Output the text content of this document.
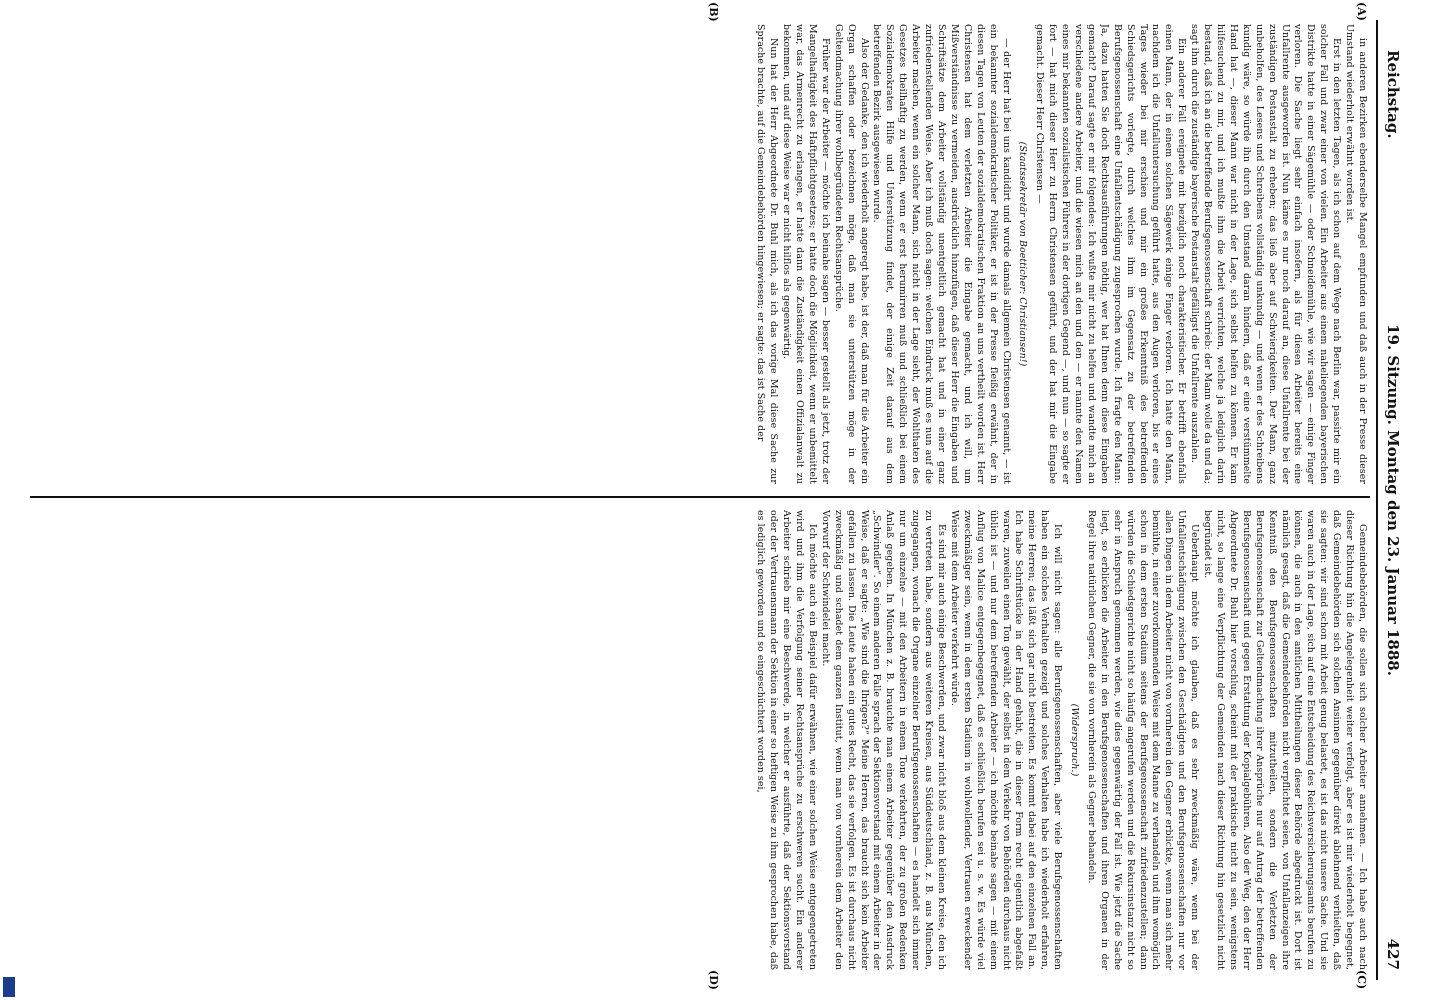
Reichstag.
19. Sitzung. Montag den 23. Januar 1888.
427
(A)
(B)
(C)
(D)

in anderen Bezirken ebenderselbe Mangel empfunden und daß auch in der Presse dieser Umstand wiederholt erwähnt worden ist.

Erst in den letzten Tagen, als ich schon auf dem Wege nach Berlin war, passirte mir ein solcher Fall und zwar einer von vielen. Ein Arbeiter aus einem naheliegenden bayerischen Distrikte hatte in einer Sägemühle — oder Schneidemühle, wie wir sagen — einige Finger verloren. Die Sache liegt sehr einfach insofern, als für diesen Arbeiter bereits eine Unfallrente ausgeworfen ist. Nun käme es nur noch darauf an, diese Unfallrente bei der zuständigen Postanstalt zu erheben; das ließ aber auf Schwierigkeiten. Der Mann, ganz unbeholfen, des Lesens und Schreibens vollständig unkundig — und wenn er des Schreibens kundig wäre, so würde ihn durch den Umstand daran hindern, daß er eine verstümmelte Hand hat —, dieser Mann war nicht in der Lage, sich selbst helfen zu können. Er kam hilfesuchend zu mir, und ich mußte ihm die Arbeit verrichten, welche ja lediglich darin bestand, daß ich an die betreffende Berufsgenossenschaft schrieb: der Mann wolle da und da; sagt ihm durch die zuständige bayerische Postanstalt gefälligst die Unfallrente auszahlen.

Ein anderer Fall ereignete mit bezüglich noch charakteristischer. Er betrifft ebenfalls einen Mann, der in einem solchen Sägewerk einige Finger verloren. Ich hatte den Mann, nachdem ich die Unfalluntersuchung geführt hatte, aus den Augen verloren, bis er eines Tages wieder bei mir erschien und mir ein großes Erkenntniß des betreffenden Schiedsgerichts vorlegte, durch welches ihm im Gegensatz zu der betreffenden Berufsgenossenschaft eine Unfallentschädigung zugesprochen wurde. Ich fragte den Mann: Ja, dazu hatten Sie doch Rechtsausführungen nöthig, wer hat Ihnen denn diese Eingaben gemacht? Darauf sagte er mir folgendes: Ich wußte mir nicht zu helfen und wandte mich an verschiedene andere Arbeiter, und die wiesen mich an den und den — er nannte den Namen eines mir bekannten sozialistischen Führers in der dortigen Gegend —, und nun — so sagte er fort — hat mich dieser Herr zu Herrn Christensen geführt, und der hat mir die Eingabe gemacht. Dieser Herr Christensen —

(Staatssekretär von Boetticher: Christiansen!)

— der Herr hat bei uns kandidirt und wurde damals allgemein Christensen genannt, — ist ein bekannter sozialdemokratischer Politiker, er ist in der Presse fleißig erwähnt, der in diesen Tagen von Leuten der sozialdemokratischen Fraktion an uns vertheilt worden ist. Herr Christensen hat dem verletzten Arbeiter die Eingabe gemacht, und ich will, um Mißverständnisse zu vermeiden, ausdrücklich hinzufügen, daß dieser Herr die Eingaben und Schriftsätze dem Arbeiter vollständig unentgeltlich gemacht hat und in einer ganz zufriedenstellenden Weise. Aber ich muß doch sagen: welchen Eindruck muß es nun auf die Arbeiter machen, wenn ein solcher Mann, sich nicht in der Lage sieht, der Wohlthaten des Gesetzes theilhaftig zu werden, wenn er erst herumirren muß und schließlich bei einem Sozialdemokraten Hilfe und Unterstützung findet, der einige Zeit darauf aus dem betreffenden Bezirk ausgewiesen wurde.

Also der Gedanke, den ich wiederholt angeregt habe, ist der, daß man für die Arbeiter ein Organ schaffen oder bezeichnen möge, daß man sie unterstützen möge in der Geltendmachung ihrer wohlbegründeten Rechtsansprüche.

Früher war der Arbeiter — möchte ich beinahe sagen — besser gestellt als jetzt, trotz der Mangelhaftigkeit des Haftpflichtgesetzes; er hatte doch die Möglichkeit, wenn er unbemittelt war, das Armenrecht zu erlangen, er hatte dann die Zuständigkeit einen Offizialanwalt zu bekommen, und auf diese Weise war er nicht hilflos als gegenwärtig.

Nun hat der Herr Abgeordnete Dr. Buhl mich, als ich das vorige Mal diese Sache zur Sprache brachte, auf die Gemeindebehörden hingewiesen; er sagte: das ist Sache der

Gemeindebehörden, die sollen sich solcher Arbeiter annehmen. — Ich habe auch nach dieser Richtung hin die Angelegenheit weiter verfolgt, aber es ist mir wiederholt begegnet, daß Gemeindebehörden sich solchen Ansinnen gegenüber direkt ablehnend verhielten, daß sie sagten: wir sind schon mit Arbeit genug belastet, es ist das nicht unsere Sache. Und sie waren auch in der Lage, sich auf eine Entscheidung des Reichsversicherungsamts berufen zu können, die auch in den amtlichen Mittheilungen dieser Behörde abgedruckt ist. Dort ist nämlich gesagt, daß die Gemeindebehörden nicht verpflichtet seien, von Unfallanzeigen ihre Kenntniß den Berufsgenossenschaften mitzutheilen, sondern die Verletzten der Berufsgenossenschaft zur Geltendmachung ihrer Ansprüche nur auf Antrag der betreffenden Berufsgenossenschaft und gegen Erstattung der Kopialgebühren. Also der Weg, den der Herr Abgeordnete Dr. Buhl hier vorschlug, scheint mit der praktische nicht zu sein, wenigstens nicht, so lange eine Verpflichtung der Gemeinden nach dieser Richtung hin gesetzlich nicht begründet ist.

Ueberhaupt möchte ich glauben, daß es sehr zweckmäßig wäre, wenn bei der Unfallentschädigung zwischen den Geschädigten und den Berufsgenossenschaften nur vor allen Dingen in dem Arbeiter nicht von vornherein den Gegner erblickte, wenn man sich mehr bemühte, in einer zuvorkommenden Weise mit dem Manne zu verhandeln und ihm womöglich schon in dem ersten Stadium seitens der Berufsgenossenschaft zufriedenzustellen; dann würden die Schiedsgerichte nicht so häufig angerufen werden und die Rekursinstanz nicht so sehr in Anspruch genommen werden, wie dies gegenwärtig der Fall ist. Wie jetzt die Sache liegt, so erblicken die Arbeiter in den Berufsgenossenschaften und ihren Organen in der Regel ihre natürlichen Gegner, die sie von vornherein als Gegner behandeln.

(Widerspruch.)

Ich will nicht sagen: alle Berufsgenossenschaften, aber viele Berufsgenossenschaften haben ein solches Verhalten gezeigt und solches Verhalten habe ich wiederholt erfahren, meine Herren; das läßt sich gar nicht bestreiten. Es kommt dabei auf den einzelnen Fall an. Ich habe Schriftstücke in der Hand gehabt, die in dieser Form recht eigentlich abgefaßt waren, zuweilen einen Ton gewählt, der selbst in dem Verkehr von Behörden durchaus nicht üblich ist — und nur dem betreffenden Arbeiter — ich möchte beinahe sagen — mit einem Anflug von Malice entgegenbegegnet, daß es schließlich berufen sei u. s. w. Es würde viel zweckmäßiger sein, wenn in dem ersten Stadium in wohlwollender, Vertrauen erweckender Weise mit dem Arbeiter verkehrt würde.

Es sind mir auch einige Beschwerden, und zwar nicht bloß aus dem kleinen Kreise, den ich zu vertreten habe, sondern aus weiteren Kreisen, aus Süddeutschland, z. B. aus München, zugegangen, wonach die Organe einzelner Berufsgenossenschaften — es handelt sich immer nur um einzelne — mit den Arbeitern in einem Tone verkehrten, der zu großen Bedenken Anlaß gegeben. In München z. B. brauchte man einem Arbeiter gegenüber den Ausdruck „Schwindler“. So einem anderen Falle sprach der Sektionsvorstand mit einem Arbeiter in der Weise, daß er sagte: „Wie sind die Ihrigen?“ Meine Herren, das braucht sich kein Arbeiter gefallen zu lassen. Die Leute haben ein gutes Recht, das sie verfolgen. Es ist durchaus nicht zweckmäßig und schadet dem ganzen Institut, wenn man von vornherein dem Arbeiter den Vorwurf der Schwindelei macht.

Ich möchte auch ein Beispiel dafür erwähnen, wie einer solchen Weise entgegengetreten wird und ihm die Verfolgung seiner Rechtsansprüche zu erschweren sucht. Ein anderer Arbeiter schrieb mir eine Beschwerde, in welcher er ausführte, daß der Sektionsvorstand oder der Vertrauensmann der Sektion in einer so heftigen Weise zu ihm gesprochen habe, daß es lediglich geworden und so eingeschüchtert worden sei,
